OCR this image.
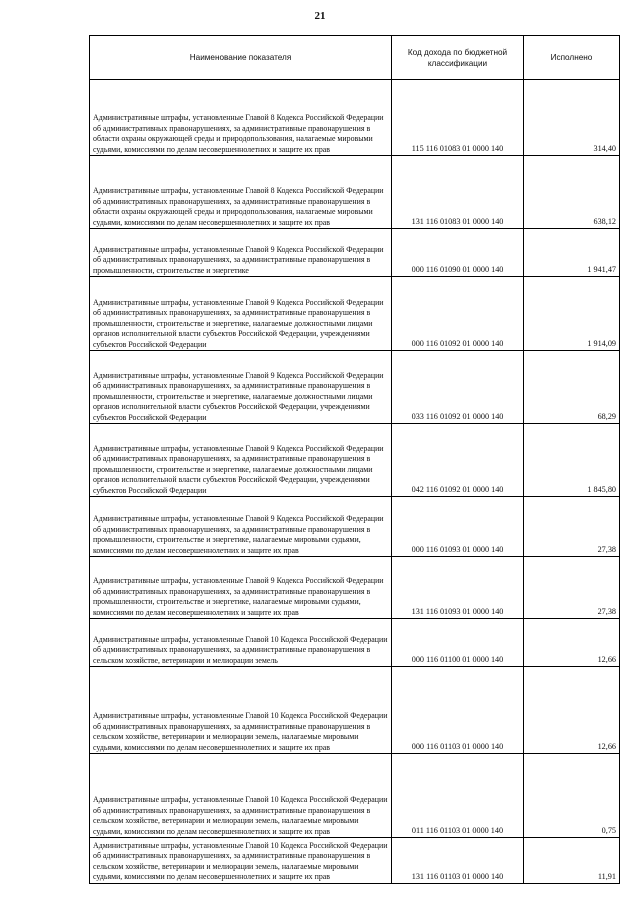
21
Наименование показателя	Код дохода по бюджетной классификации	Исполнено
Административные штрафы, установленные Главой 8 Кодекса Российской Федерации об административных правонарушениях, за административные правонарушения в области охраны окружающей среды и природопользования, налагаемые мировыми судьями, комиссиями по делам несовершеннолетних и защите их прав	115 116 01083 01 0000 140	314,40
Административные штрафы, установленные Главой 8 Кодекса Российской Федерации об административных правонарушениях, за административные правонарушения в области охраны окружающей среды и природопользования, налагаемые мировыми судьями, комиссиями по делам несовершеннолетних и защите их прав	131 116 01083 01 0000 140	638,12
Административные штрафы, установленные Главой 9 Кодекса Российской Федерации об административных правонарушениях, за административные правонарушения в промышленности, строительстве и энергетике	000 116 01090 01 0000 140	1 941,47
Административные штрафы, установленные Главой 9 Кодекса Российской Федерации об административных правонарушениях, за административные правонарушения в промышленности, строительстве и энергетике, налагаемые должностными лицами органов исполнительной власти субъектов Российской Федерации, учреждениями субъектов Российской Федерации	000 116 01092 01 0000 140	1 914,09
Административные штрафы, установленные Главой 9 Кодекса Российской Федерации об административных правонарушениях, за административные правонарушения в промышленности, строительстве и энергетике, налагаемые должностными лицами органов исполнительной власти субъектов Российской Федерации, учреждениями субъектов Российской Федерации	033 116 01092 01 0000 140	68,29
Административные штрафы, установленные Главой 9 Кодекса Российской Федерации об административных правонарушениях, за административные правонарушения в промышленности, строительстве и энергетике, налагаемые должностными лицами органов исполнительной власти субъектов Российской Федерации, учреждениями субъектов Российской Федерации	042 116 01092 01 0000 140	1 845,80
Административные штрафы, установленные Главой 9 Кодекса Российской Федерации об административных правонарушениях, за административные правонарушения в промышленности, строительстве и энергетике, налагаемые мировыми судьями, комиссиями по делам несовершеннолетних и защите их прав	000 116 01093 01 0000 140	27,38
Административные штрафы, установленные Главой 9 Кодекса Российской Федерации об административных правонарушениях, за административные правонарушения в промышленности, строительстве и энергетике, налагаемые мировыми судьями, комиссиями по делам несовершеннолетних и защите их прав	131 116 01093 01 0000 140	27,38
Административные штрафы, установленные Главой 10 Кодекса Российской Федерации об административных правонарушениях, за административные правонарушения в сельском хозяйстве, ветеринарии и мелиорации земель	000 116 01100 01 0000 140	12,66
Административные штрафы, установленные Главой 10 Кодекса Российской Федерации об административных правонарушениях, за административные правонарушения в сельском хозяйстве, ветеринарии и мелиорации земель, налагаемые мировыми судьями, комиссиями по делам несовершеннолетних и защите их прав	000 116 01103 01 0000 140	12,66
Административные штрафы, установленные Главой 10 Кодекса Российской Федерации об административных правонарушениях, за административные правонарушения в сельском хозяйстве, ветеринарии и мелиорации земель, налагаемые мировыми судьями, комиссиями по делам несовершеннолетних и защите их прав	011 116 01103 01 0000 140	0,75
Административные штрафы, установленные Главой 10 Кодекса Российской Федерации об административных правонарушениях, за административные правонарушения в сельском хозяйстве, ветеринарии и мелиорации земель, налагаемые мировыми судьями, комиссиями по делам несовершеннолетних и защите их прав	131 116 01103 01 0000 140	11,91
